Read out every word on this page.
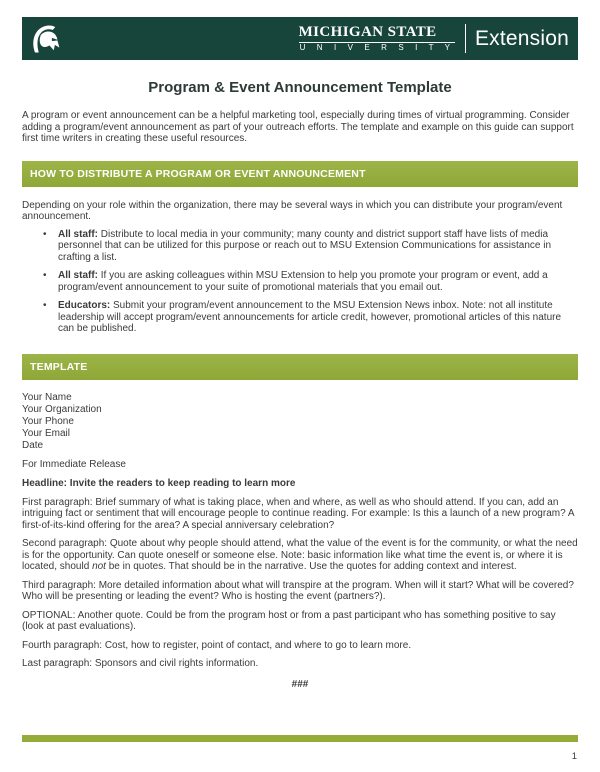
MICHIGAN STATE
U N I V E R S I T Y Extension
Program & Event Announcement Template

A program or event announcement can be a helpful marketing tool, especially during times of virtual programming. Consider adding a program/event announcement as part of your outreach efforts. The template and example on this guide can support first time writers in creating these useful resources.

HOW TO DISTRIBUTE A PROGRAM OR EVENT ANNOUNCEMENT

Depending on your role within the organization, there may be several ways in which you can distribute your program/event announcement.

• All staff: Distribute to local media in your community; many county and district support staff have lists of media personnel that can be utilized for this purpose or reach out to MSU Extension Communications for assistance in crafting a list.
• All staff: If you are asking colleagues within MSU Extension to help you promote your program or event, add a program/event announcement to your suite of promotional materials that you email out.
• Educators: Submit your program/event announcement to the MSU Extension News inbox. Note: not all institute leadership will accept program/event announcements for article credit, however, promotional articles of this nature can be published.
TEMPLATE
Your Name
Your Organization
Your Phone
Your Email
Date

For Immediate Release

Headline: Invite the readers to keep reading to learn more

First paragraph: Brief summary of what is taking place, when and where, as well as who should attend. If you can, add an intriguing fact or sentiment that will encourage people to continue reading. For example: Is this a launch of a new program? A first-of-its-kind offering for the area? A special anniversary celebration?

Second paragraph: Quote about why people should attend, what the value of the event is for the community, or what the need is for the opportunity. Can quote oneself or someone else. Note: basic information like what time the event is, or where it is located, should not be in quotes. That should be in the narrative. Use the quotes for adding context and interest.

Third paragraph: More detailed information about what will transpire at the program. When will it start? What will be covered? Who will be presenting or leading the event? Who is hosting the event (partners?).

OPTIONAL: Another quote. Could be from the program host or from a past participant who has something positive to say (look at past evaluations).

Fourth paragraph: Cost, how to register, point of contact, and where to go to learn more.

Last paragraph: Sponsors and civil rights information.

###
1
